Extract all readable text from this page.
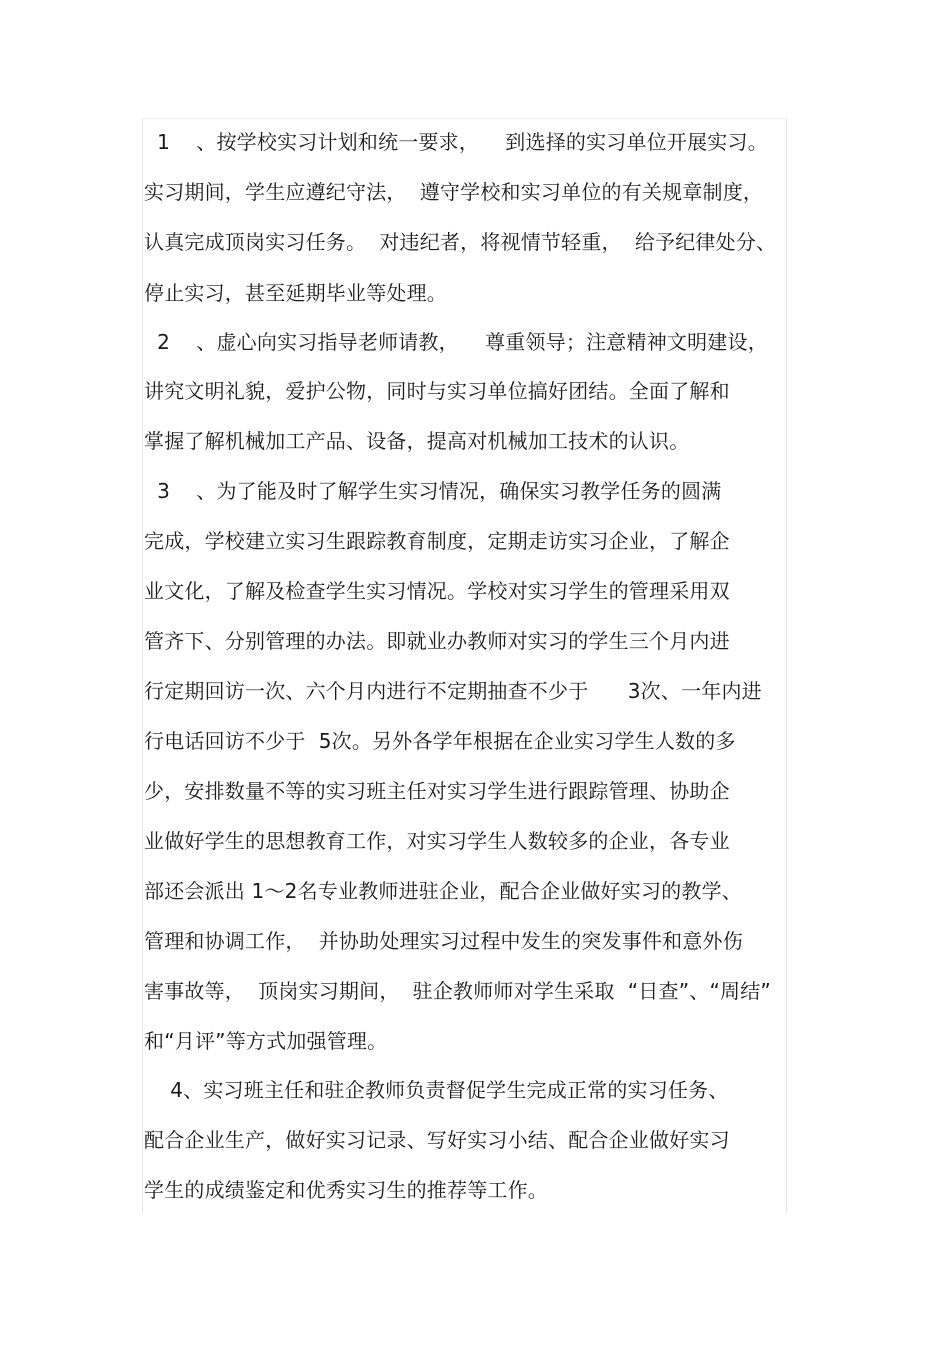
1    、按学校实习计划和统一要求，    到选择的实习单位开展实习。
实习期间，学生应遵纪守法，  遵守学校和实习单位的有关规章制度，
认真完成顶岗实习任务。  对违纪者，将视情节轻重，  给予纪律处分、
停止实习，甚至延期毕业等处理。
2    、虚心向实习指导老师请教，    尊重领导；注意精神文明建设，
讲究文明礼貌，爱护公物，同时与实习单位搞好团结。全面了解和
掌握了解机械加工产品、设备，提高对机械加工技术的认识。
3    、为了能及时了解学生实习情况，确保实习教学任务的圆满
完成，学校建立实习生跟踪教育制度，定期走访实习企业，了解企
业文化，了解及检查学生实习情况。学校对实习学生的管理采用双
管齐下、分别管理的办法。即就业办教师对实习的学生三个月内进
行定期回访一次、六个月内进行不定期抽查不少于      3次、一年内进
行电话回访不少于  5次。另外各学年根据在企业实习学生人数的多
少，安排数量不等的实习班主任对实习学生进行跟踪管理、协助企
业做好学生的思想教育工作，对实习学生人数较多的企业，各专业
部还会派出 1～2名专业教师进驻企业，配合企业做好实习的教学、
管理和协调工作，  并协助处理实习过程中发生的突发事件和意外伤
害事故等，  顶岗实习期间，  驻企教师师对学生采取  “日查”、“周结”
和“月评”等方式加强管理。
4、实习班主任和驻企教师负责督促学生完成正常的实习任务、
配合企业生产，做好实习记录、写好实习小结、配合企业做好实习
学生的成绩鉴定和优秀实习生的推荐等工作。
